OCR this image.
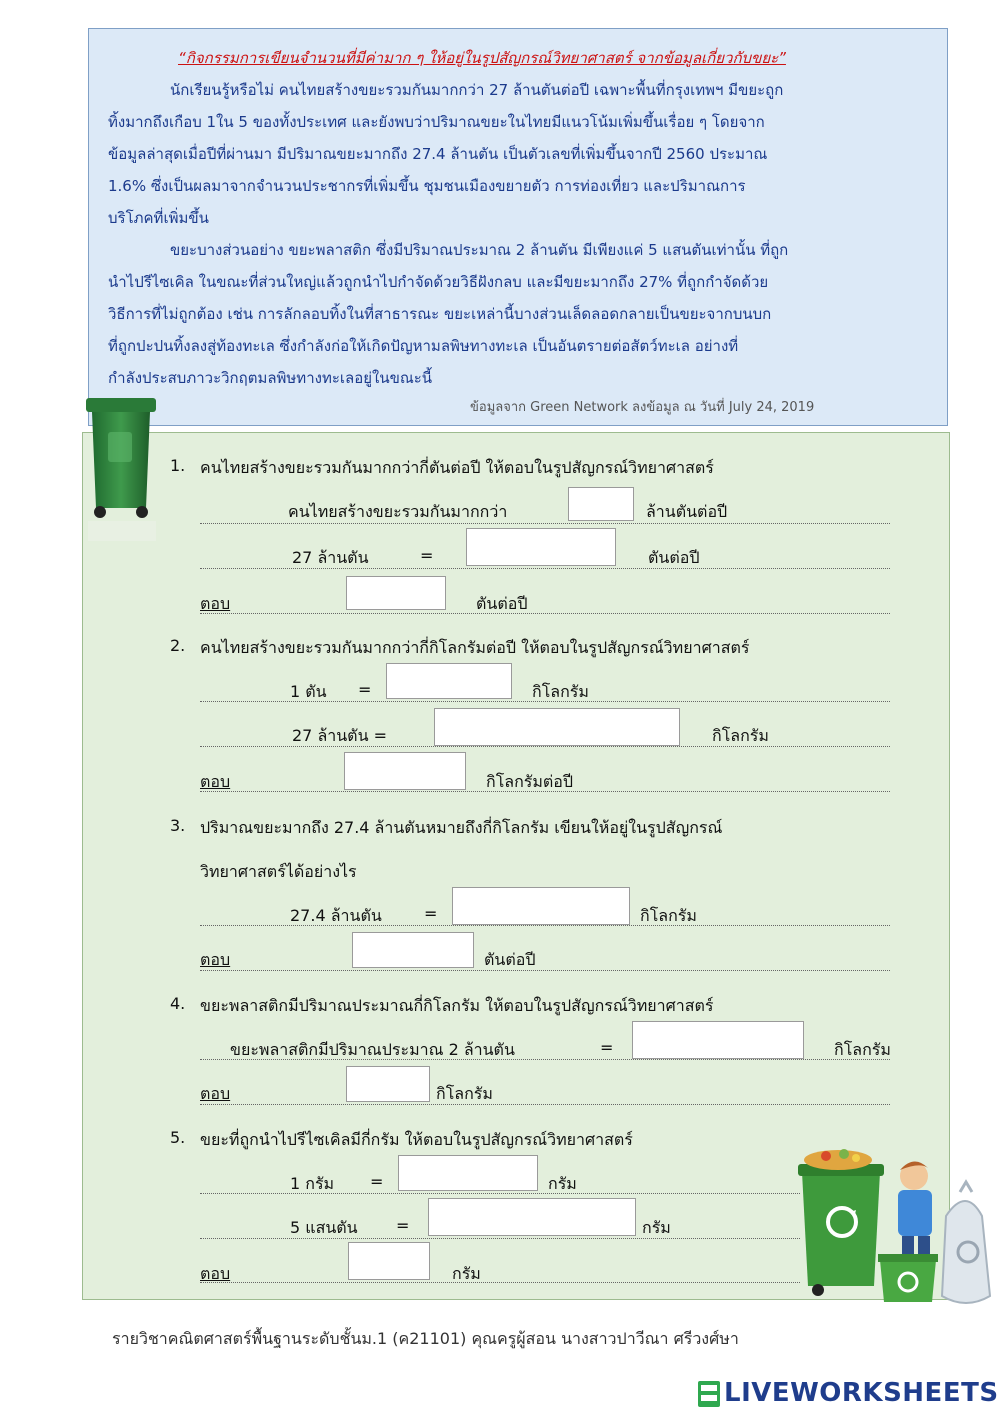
“กิจกรรมการเขียนจำนวนที่มีค่ามาก ๆ ให้อยู่ในรูปสัญกรณ์วิทยาศาสตร์ จากข้อมูลเกี่ยวกับขยะ”
นักเรียนรู้หรือไม่ คนไทยสร้างขยะรวมกันมากกว่า 27 ล้านตันต่อปี เฉพาะพื้นที่กรุงเทพฯ มีขยะถูก
ทิ้งมากถึงเกือบ 1ใน 5 ของทั้งประเทศ และยังพบว่าปริมาณขยะในไทยมีแนวโน้มเพิ่มขึ้นเรื่อย ๆ โดยจาก
ข้อมูลล่าสุดเมื่อปีที่ผ่านมา มีปริมาณขยะมากถึง 27.4 ล้านตัน เป็นตัวเลขที่เพิ่มขึ้นจากปี 2560 ประมาณ
1.6% ซึ่งเป็นผลมาจากจำนวนประชากรที่เพิ่มขึ้น ชุมชนเมืองขยายตัว การท่องเที่ยว และปริมาณการ
บริโภคที่เพิ่มขึ้น
ขยะบางส่วนอย่าง ขยะพลาสติก ซึ่งมีปริมาณประมาณ 2 ล้านตัน มีเพียงแค่ 5 แสนตันเท่านั้น ที่ถูก
นำไปรีไซเคิล ในขณะที่ส่วนใหญ่แล้วถูกนำไปกำจัดด้วยวิธีฝังกลบ และมีขยะมากถึง 27% ที่ถูกกำจัดด้วย
วิธีการที่ไม่ถูกต้อง เช่น การลักลอบทิ้งในที่สาธารณะ ขยะเหล่านี้บางส่วนเล็ดลอดกลายเป็นขยะจากบนบก
ที่ถูกปะปนทิ้งลงสู่ท้องทะเล ซึ่งกำลังก่อให้เกิดปัญหามลพิษทางทะเล เป็นอันตรายต่อสัตว์ทะเล อย่างที่
กำลังประสบภาวะวิกฤตมลพิษทางทะเลอยู่ในขณะนี้
ข้อมูลจาก Green Network ลงข้อมูล ณ วันที่ July 24, 2019
1. คนไทยสร้างขยะรวมกันมากกว่ากี่ตันต่อปี ให้ตอบในรูปสัญกรณ์วิทยาศาสตร์
คนไทยสร้างขยะรวมกันมากกว่า	ล้านตันต่อปี
27 ล้านตัน	=	ตันต่อปี
ตอบ	ตันต่อปี
2. คนไทยสร้างขยะรวมกันมากกว่ากี่กิโลกรัมต่อปี ให้ตอบในรูปสัญกรณ์วิทยาศาสตร์
1 ตัน =	กิโลกรัม
27 ล้านตัน =	กิโลกรัม
ตอบ	กิโลกรัมต่อปี
3. ปริมาณขยะมากถึง 27.4 ล้านตันหมายถึงกี่กิโลกรัม เขียนให้อยู่ในรูปสัญกรณ์
วิทยาศาสตร์ได้อย่างไร
27.4 ล้านตัน	=	กิโลกรัม
ตอบ	ตันต่อปี
4. ขยะพลาสติกมีปริมาณประมาณกี่กิโลกรัม ให้ตอบในรูปสัญกรณ์วิทยาศาสตร์
ขยะพลาสติกมีปริมาณประมาณ 2 ล้านตัน	=	กิโลกรัม
ตอบ	กิโลกรัม
5. ขยะที่ถูกนำไปรีไซเคิลมีกี่กรัม ให้ตอบในรูปสัญกรณ์วิทยาศาสตร์
1 กรัม =	กรัม
5 แสนตัน =	กรัม
ตอบ	กรัม
รายวิชาคณิตศาสตร์พื้นฐานระดับชั้นม.1 (ค21101) คุณครูผู้สอน นางสาวปาวีณา ศรีวงศ์ษา
LIVEWORKSHEETS
